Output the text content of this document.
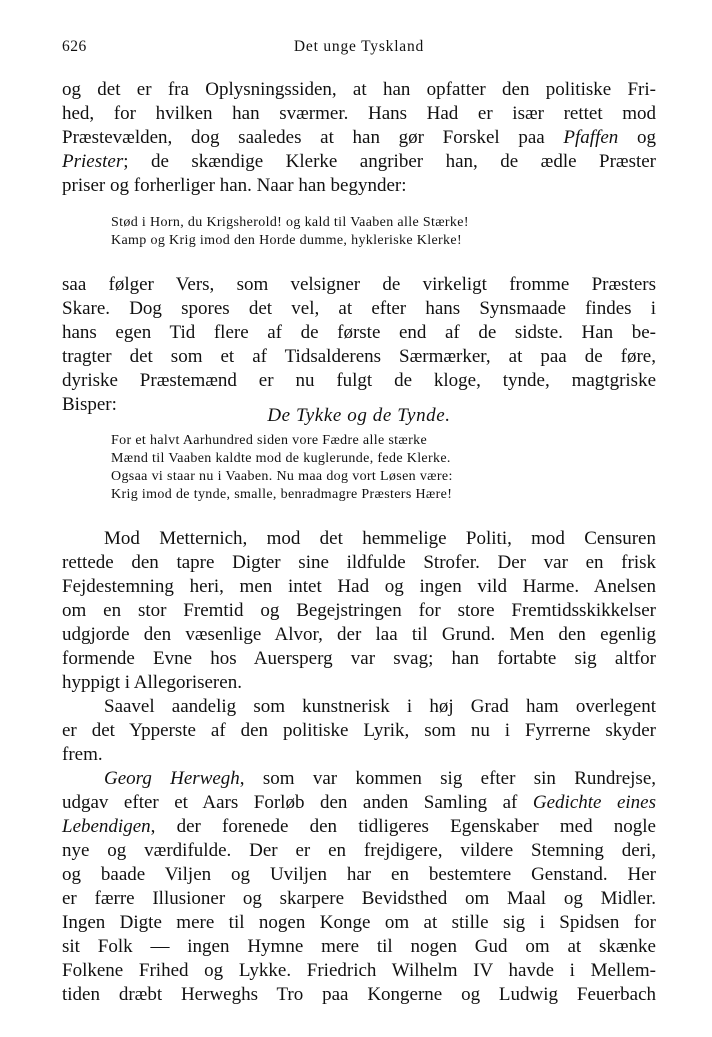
626	Det unge Tyskland
og det er fra Oplysningssiden, at han opfatter den politiske Fri-
hed, for hvilken han sværmer. Hans Had er især rettet mod
Præstevælden, dog saaledes at han gør Forskel paa Pfaffen og
Priester; de skændige Klerke angriber han, de ædle Præster
priser og forherliger han. Naar han begynder:
Stød i Horn, du Krigsherold! og kald til Vaaben alle Stærke!
Kamp og Krig imod den Horde dumme, hykleriske Klerke!
saa følger Vers, som velsigner de virkeligt fromme Præsters
Skare. Dog spores det vel, at efter hans Synsmaade findes i
hans egen Tid flere af de første end af de sidste. Han be-
tragter det som et af Tidsalderens Særmærker, at paa de føre,
dyriske Præstemænd er nu fulgt de kloge, tynde, magtgriske
Bisper:
De Tykke og de Tynde.
For et halvt Aarhundred siden vore Fædre alle stærke
Mænd til Vaaben kaldte mod de kuglerunde, fede Klerke.
Ogsaa vi staar nu i Vaaben. Nu maa dog vort Løsen være:
Krig imod de tynde, smalle, benradmagre Præsters Hære!
Mod Metternich, mod det hemmelige Politi, mod Censuren
rettede den tapre Digter sine ildfulde Strofer. Der var en frisk
Fejdestemning heri, men intet Had og ingen vild Harme. Anelsen
om en stor Fremtid og Begejstringen for store Fremtidsskikkelser
udgjorde den væsenlige Alvor, der laa til Grund. Men den egenlig
formende Evne hos Auersperg var svag; han fortabte sig altfor
hyppigt i Allegoriseren.
Saavel aandelig som kunstnerisk i høj Grad ham overlegent
er det Ypperste af den politiske Lyrik, som nu i Fyrrerne skyder
frem.
Georg Herwegh, som var kommen sig efter sin Rundrejse,
udgav efter et Aars Forløb den anden Samling af Gedichte eines
Lebendigen, der forenede den tidligeres Egenskaber med nogle
nye og værdifulde. Der er en frejdigere, vildere Stemning deri,
og baade Viljen og Uviljen har en bestemtere Genstand. Her
er færre Illusioner og skarpere Bevidsthed om Maal og Midler.
Ingen Digte mere til nogen Konge om at stille sig i Spidsen for
sit Folk — ingen Hymne mere til nogen Gud om at skænke
Folkene Frihed og Lykke. Friedrich Wilhelm IV havde i Mellem-
tiden dræbt Herweghs Tro paa Kongerne og Ludwig Feuerbach
